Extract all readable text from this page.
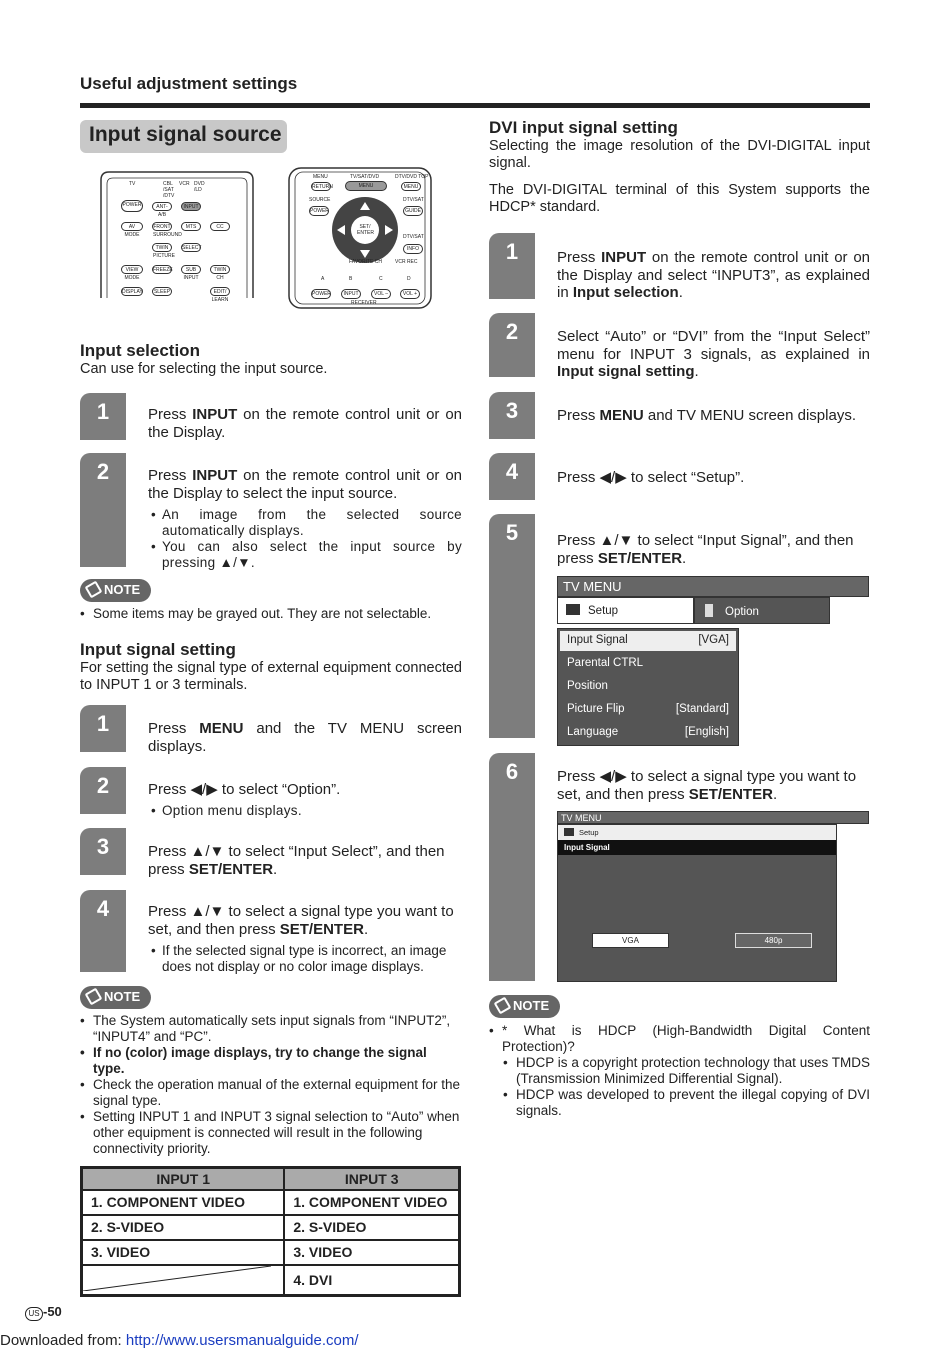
Useful adjustment settings
Input signal source
TV	CBL /SAT /DTV
VCR DVD /LD
POWER	ANT-A/B
INPUT
AV MODE
FRONT SURROUND
MTS	CC
TWIN PICTURE
SELECT
VIEW MODE
FREEZE	SUB INPUT
TWIN CH
DISPLAY	SLEEP	EDIT/ LEARN
MENU	TV/SAT/DVD	DTV/DVD TOP
RETURN	MENU	MENU
SOURCE	DTV/SAT
POWER	GUIDE
SET/ ENTER
DTV/SAT
INFO
FAVORITE CH	VCR REC
A	B	C	D
POWER	INPUT	VOL –	VOL +
RECEIVER
Input selection
Can use for selecting the input source.
1	Press INPUT on the remote control unit or on the Display.
2	Press INPUT on the remote control unit or on the Display to select the input source.
• An image from the selected source automatically displays.
• You can also select the input source by pressing ▲/▼.
NOTE
• Some items may be grayed out. They are not selectable.
Input signal setting
For setting the signal type of external equipment connected to INPUT 1 or 3 terminals.
1	Press MENU and the TV MENU screen displays.
2	Press ◀/▶ to select “Option”.
• Option menu displays.
3	Press ▲/▼ to select “Input Select”, and then press SET/ENTER.
4	Press ▲/▼ to select a signal type you want to set, and then press SET/ENTER.
• If the selected signal type is incorrect, an image does not display or no color image displays.
NOTE
• The System automatically sets input signals from “INPUT2”, “INPUT4” and “PC”.
• If no (color) image displays, try to change the signal type.
• Check the operation manual of the external equipment for the signal type.
• Setting INPUT 1 and INPUT 3 signal selection to “Auto” when other equipment is connected will result in the following connectivity priority.
INPUT 1	INPUT 3
1. COMPONENT VIDEO	1. COMPONENT VIDEO
2. S-VIDEO	2. S-VIDEO
3. VIDEO	3. VIDEO
	4. DVI
DVI input signal setting
Selecting the image resolution of the DVI-DIGITAL input signal.
The DVI-DIGITAL terminal of this System supports the HDCP* standard.
1	Press INPUT on the remote control unit or on the Display and select “INPUT3”, as explained in Input selection.
2	Select “Auto” or “DVI” from the “Input Select” menu for INPUT 3 signals, as explained in Input signal setting.
3	Press MENU and TV MENU screen displays.
4	Press ◀/▶ to select “Setup”.
5	Press ▲/▼ to select “Input Signal”, and then press SET/ENTER.
TV MENU
Setup	Option
Input Signal	[VGA]
Parental CTRL
Position
Picture Flip	[Standard]
Language	[English]
6	Press ◀/▶ to select a signal type you want to set, and then press SET/ENTER.
TV MENU
Setup
Input Signal
VGA	480p
NOTE
• * What is HDCP (High-Bandwidth Digital Content Protection)?
• HDCP is a copyright protection technology that uses TMDS (Transmission Minimized Differential Signal).
• HDCP was developed to prevent the illegal copying of DVI signals.
US -50
Downloaded from: http://www.usersmanualguide.com/
